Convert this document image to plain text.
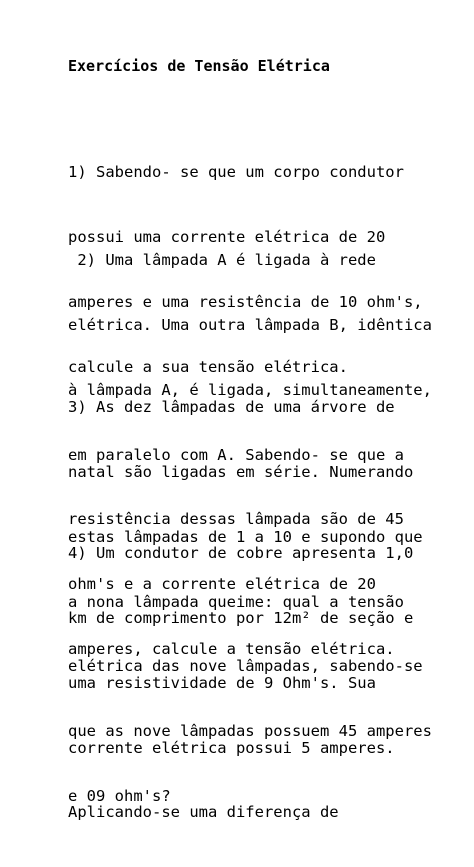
Exercícios de Tensão Elétrica

1) Sabendo- se que um corpo condutor

possui uma corrente elétrica de 20

amperes e uma resistência de 10 ohm's,

calcule a sua tensão elétrica.

2) Uma lâmpada A é ligada à rede

elétrica. Uma outra lâmpada B, idêntica

à lâmpada A, é ligada, simultaneamente,

em paralelo com A. Sabendo- se que a

resistência dessas lâmpada são de 45

ohm's e a corrente elétrica de 20

amperes, calcule a tensão elétrica.

3) As dez lâmpadas de uma árvore de

natal são ligadas em série. Numerando

estas lâmpadas de 1 a 10 e supondo que

a nona lâmpada queime: qual a tensão

elétrica das nove lâmpadas, sabendo-se

que as nove lâmpadas possuem 45 amperes

e 09 ohm's?

4) Um condutor de cobre apresenta 1,0

km de comprimento por 12m² de seção e

uma resistividade de 9 Ohm's. Sua

corrente elétrica possui 5 amperes.

Aplicando-se uma diferença de
